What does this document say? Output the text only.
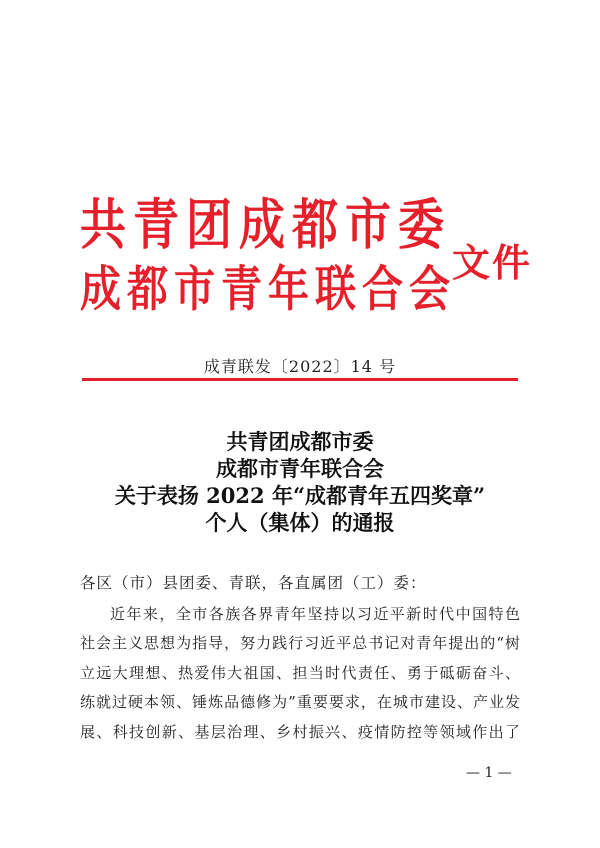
共青团成都市委
成都市青年联合会
文件
成青联发〔2022〕14 号
共青团成都市委
成都市青年联合会
关于表扬 2022 年“成都青年五四奖章”
个人（集体）的通报
各区（市）县团委、青联，各直属团（工）委：
近年来，全市各族各界青年坚持以习近平新时代中国特色
社会主义思想为指导，努力践行习近平总书记对青年提出的“树
立远大理想、热爱伟大祖国、担当时代责任、勇于砥砺奋斗、
练就过硬本领、锤炼品德修为”重要要求，在城市建设、产业发
展、科技创新、基层治理、乡村振兴、疫情防控等领域作出了
— 1 —
